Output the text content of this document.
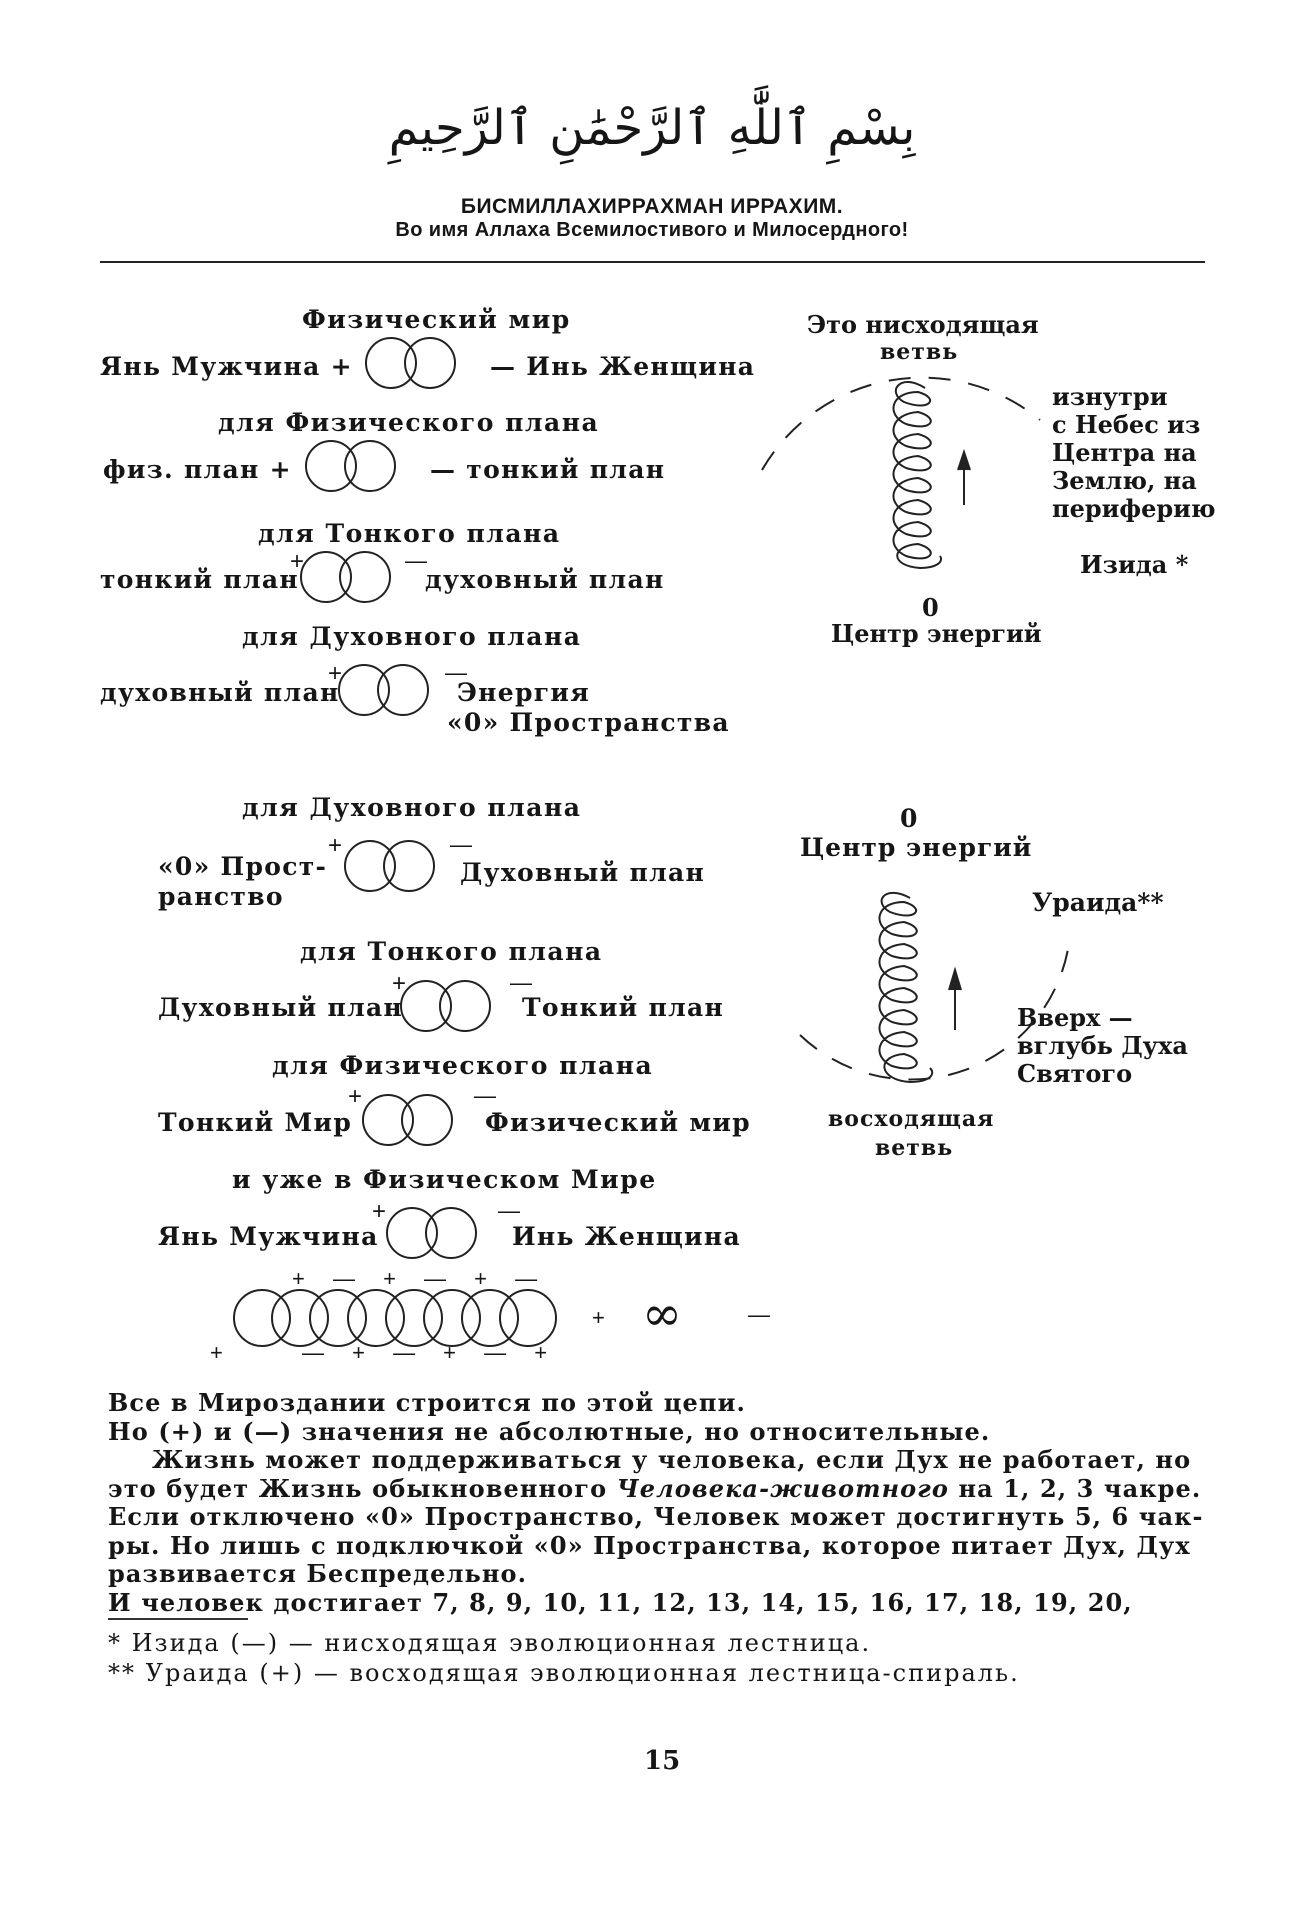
بِسْمِ ٱللَّٰهِ ٱلرَّحْمَٰنِ ٱلرَّحِيمِ
БИСМИЛЛАХИРРАХМАН ИРРАХИМ.
Во имя Аллаха Всемилостивого и Милосердного!
Физический мир
Янь Мужчина +	— Инь Женщина
для Физического плана
физ. план +	— тонкий план
для Тонкого плана
тонкий план	духовный план
для Духовного плана
духовный план	Энергия
«0» Пространства
для Духовного плана
«0» Прост-
ранство
Духовный план
для Тонкого плана
Духовный план	Тонкий план
для Физического плана
Тонкий Мир	Физический мир
и уже в Физическом Мире
Янь Мужчина	Инь Женщина
+	—
+	—
+	—
+	—
+	—
+	—
+ — + — + —
+	— + — + — +
+ ∞	—
Это нисходящая
ветвь
изнутри
с Небес из
Центра на
Землю, на
периферию
Изида *
0
Центр энергий
0
Центр энергий
Ураида**
Вверх —
вглубь Духа
Святого
восходящая
ветвь
Все в Мироздании строится по этой цепи.
Но (+) и (—) значения не абсолютные, но относительные.
Жизнь может поддерживаться у человека, если Дух не работает, но
это будет Жизнь обыкновенного Человека-животного на 1, 2, 3 чакре.
Если отключено «0» Пространство, Человек может достигнуть 5, 6 чак-
ры. Но лишь с подключкой «0» Пространства, которое питает Дух, Дух
развивается Беспредельно.
И человек достигает 7, 8, 9, 10, 11, 12, 13, 14, 15, 16, 17, 18, 19, 20,
* Изида (—) — нисходящая эволюционная лестница.
** Ураида (+) — восходящая эволюционная лестница-спираль.
15
